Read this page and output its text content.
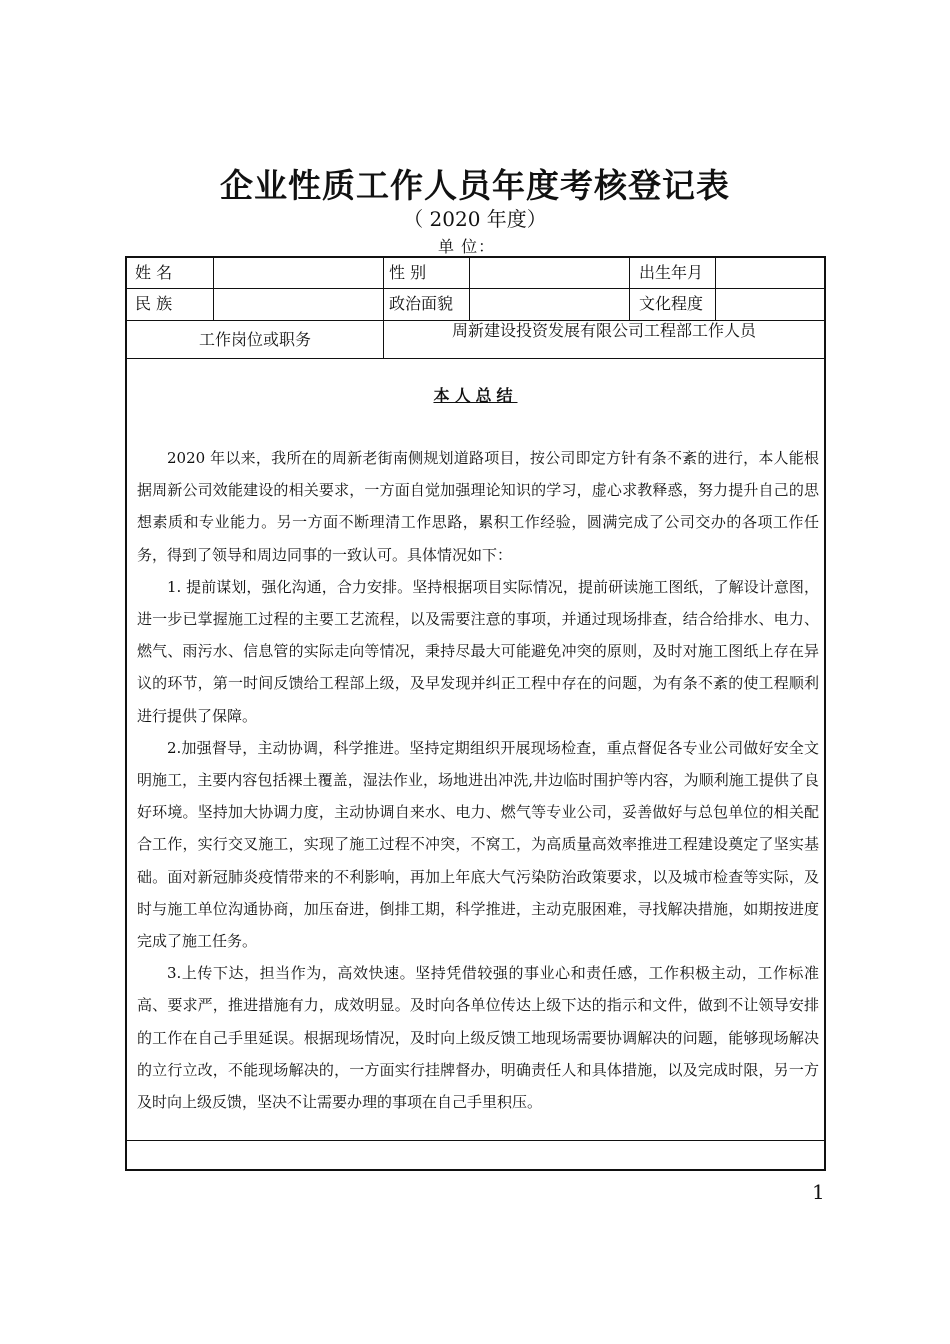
企业性质工作人员年度考核登记表
（ 2020 年度）
单 位：
姓 名	性 别	出生年月
民 族	政治面貌	文化程度
工作岗位或职务	周新建设投资发展有限公司工程部工作人员
本人总结

2020 年以来，我所在的周新老街南侧规划道路项目，按公司即定方针有条不紊的进行，本人能根据周新公司效能建设的相关要求，一方面自觉加强理论知识的学习，虚心求教释惑，努力提升自己的思想素质和专业能力。另一方面不断理清工作思路，累积工作经验，圆满完成了公司交办的各项工作任务，得到了领导和周边同事的一致认可。具体情况如下：

1. 提前谋划，强化沟通，合力安排。坚持根据项目实际情况，提前研读施工图纸，了解设计意图，进一步已掌握施工过程的主要工艺流程，以及需要注意的事项，并通过现场排查，结合给排水、电力、燃气、雨污水、信息管的实际走向等情况，秉持尽最大可能避免冲突的原则，及时对施工图纸上存在异议的环节，第一时间反馈给工程部上级，及早发现并纠正工程中存在的问题，为有条不紊的使工程顺利进行提供了保障。

2.加强督导，主动协调，科学推进。坚持定期组织开展现场检查，重点督促各专业公司做好安全文明施工，主要内容包括裸土覆盖，湿法作业，场地进出冲洗,井边临时围护等内容，为顺利施工提供了良好环境。坚持加大协调力度，主动协调自来水、电力、燃气等专业公司，妥善做好与总包单位的相关配合工作，实行交叉施工，实现了施工过程不冲突，不窝工，为高质量高效率推进工程建设奠定了坚实基础。面对新冠肺炎疫情带来的不利影响，再加上年底大气污染防治政策要求，以及城市检查等实际，及时与施工单位沟通协商，加压奋进，倒排工期，科学推进，主动克服困难，寻找解决措施，如期按进度完成了施工任务。

3.上传下达，担当作为，高效快速。坚持凭借较强的事业心和责任感，工作积极主动，工作标准高、要求严，推进措施有力，成效明显。及时向各单位传达上级下达的指示和文件，做到不让领导安排的工作在自己手里延误。根据现场情况，及时向上级反馈工地现场需要协调解决的问题，能够现场解决的立行立改，不能现场解决的，一方面实行挂牌督办，明确责任人和具体措施，以及完成时限，另一方及时向上级反馈，坚决不让需要办理的事项在自己手里积压。

1
